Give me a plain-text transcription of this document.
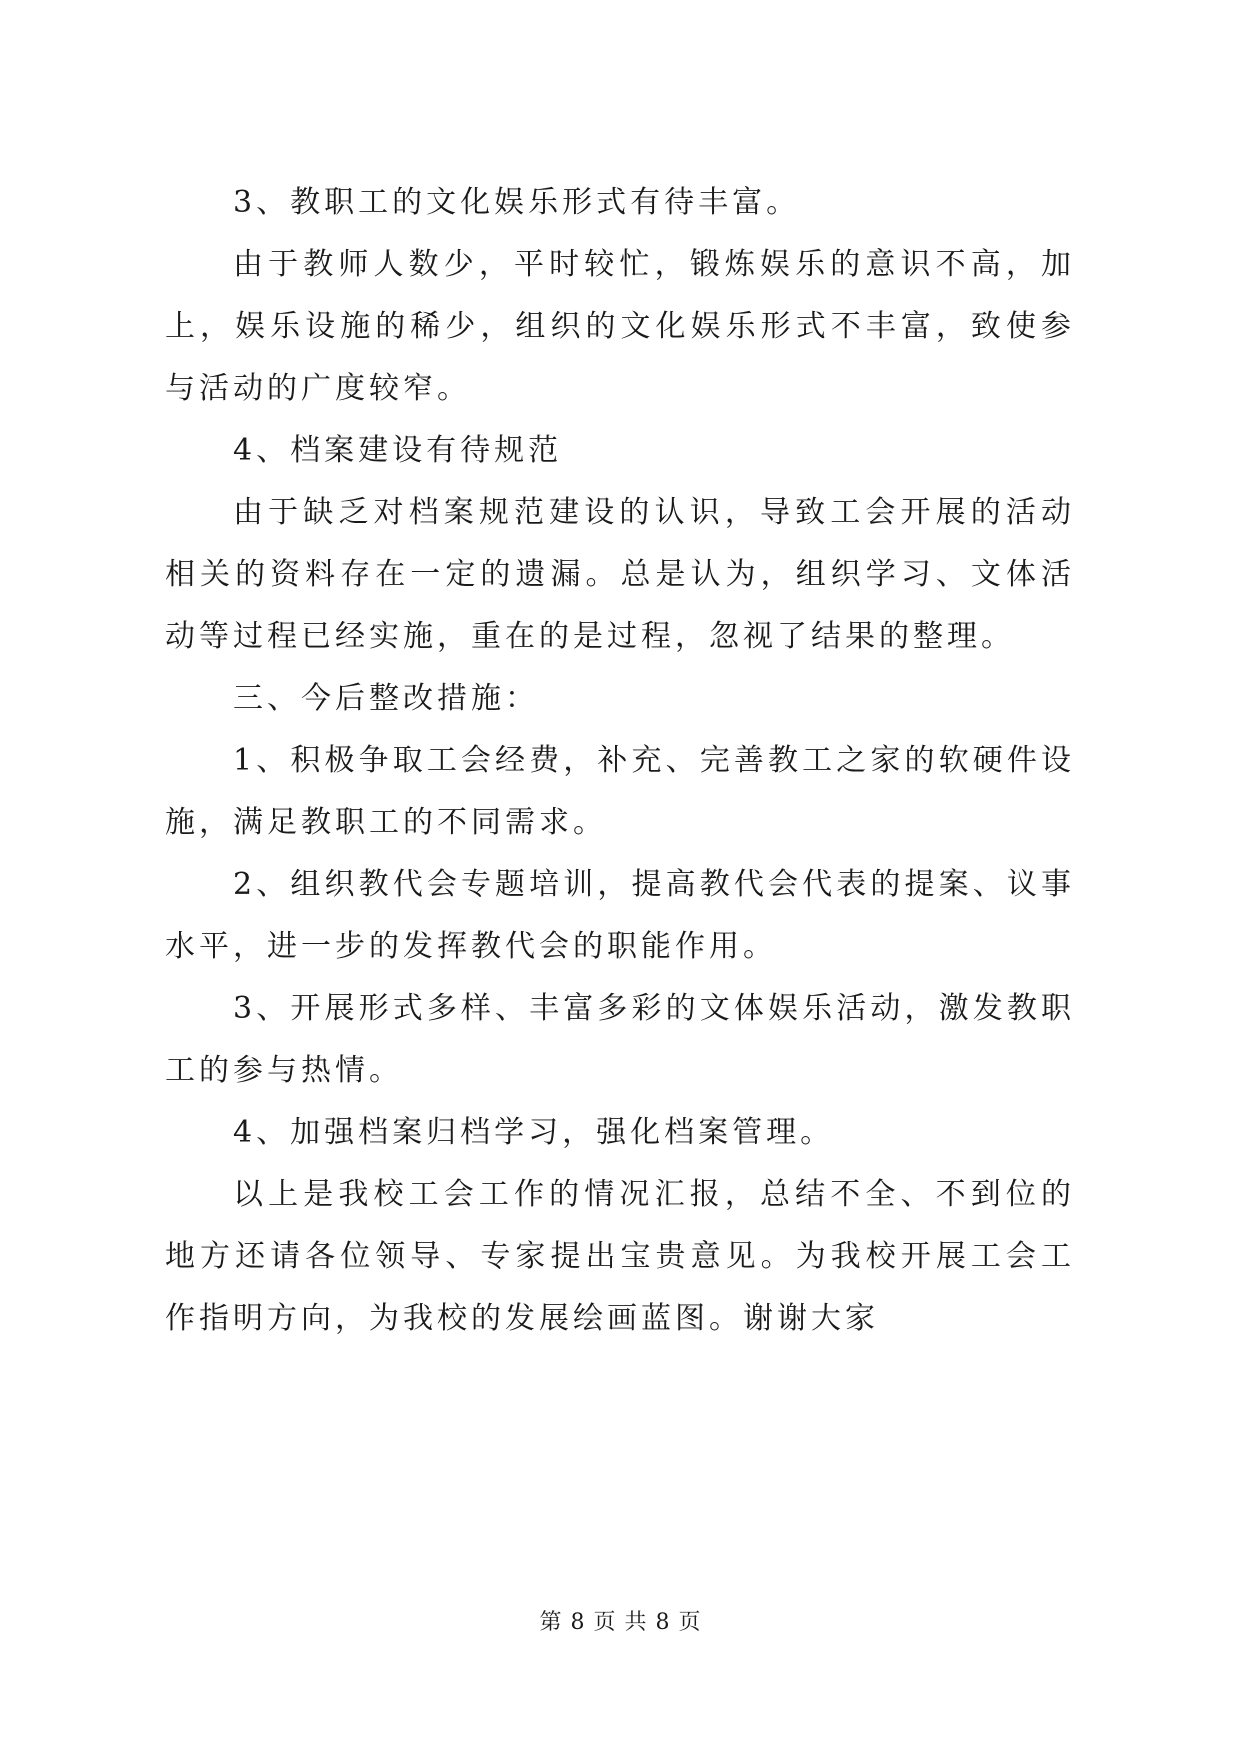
3、教职工的文化娱乐形式有待丰富。

由于教师人数少，平时较忙，锻炼娱乐的意识不高，加上，娱乐设施的稀少，组织的文化娱乐形式不丰富，致使参与活动的广度较窄。

4、档案建设有待规范

由于缺乏对档案规范建设的认识，导致工会开展的活动相关的资料存在一定的遗漏。总是认为，组织学习、文体活动等过程已经实施，重在的是过程，忽视了结果的整理。

三、今后整改措施：

1、积极争取工会经费，补充、完善教工之家的软硬件设施，满足教职工的不同需求。

2、组织教代会专题培训，提高教代会代表的提案、议事水平，进一步的发挥教代会的职能作用。

3、开展形式多样、丰富多彩的文体娱乐活动，激发教职工的参与热情。

4、加强档案归档学习，强化档案管理。

以上是我校工会工作的情况汇报，总结不全、不到位的地方还请各位领导、专家提出宝贵意见。为我校开展工会工作指明方向，为我校的发展绘画蓝图。谢谢大家

第 8 页 共 8 页
